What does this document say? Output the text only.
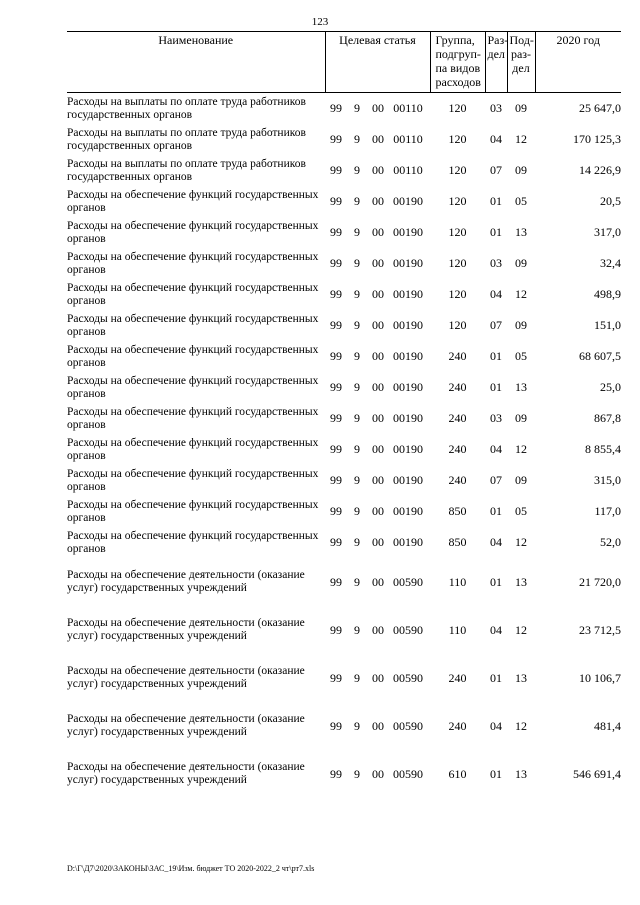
123
Наименование	Целевая статья	Группа, подгруп-па видов расходов	Раз-дел	Под-раз-дел	2020 год
Расходы на выплаты по оплате труда работников государственных органов	99 9 00 00110	120	03	09	25 647,0
Расходы на выплаты по оплате труда работников государственных органов	99 9 00 00110	120	04	12	170 125,3
Расходы на выплаты по оплате труда работников государственных органов	99 9 00 00110	120	07	09	14 226,9
Расходы на обеспечение функций государственных органов	99 9 00 00190	120	01	05	20,5
Расходы на обеспечение функций государственных органов	99 9 00 00190	120	01	13	317,0
Расходы на обеспечение функций государственных органов	99 9 00 00190	120	03	09	32,4
Расходы на обеспечение функций государственных органов	99 9 00 00190	120	04	12	498,9
Расходы на обеспечение функций государственных органов	99 9 00 00190	120	07	09	151,0
Расходы на обеспечение функций государственных органов	99 9 00 00190	240	01	05	68 607,5
Расходы на обеспечение функций государственных органов	99 9 00 00190	240	01	13	25,0
Расходы на обеспечение функций государственных органов	99 9 00 00190	240	03	09	867,8
Расходы на обеспечение функций государственных органов	99 9 00 00190	240	04	12	8 855,4
Расходы на обеспечение функций государственных органов	99 9 00 00190	240	07	09	315,0
Расходы на обеспечение функций государственных органов	99 9 00 00190	850	01	05	117,0
Расходы на обеспечение функций государственных органов	99 9 00 00190	850	04	12	52,0
Расходы на обеспечение деятельности (оказание услуг) государственных учреждений	99 9 00 00590	110	01	13	21 720,0
Расходы на обеспечение деятельности (оказание услуг) государственных учреждений	99 9 00 00590	110	04	12	23 712,5
Расходы на обеспечение деятельности (оказание услуг) государственных учреждений	99 9 00 00590	240	01	13	10 106,7
Расходы на обеспечение деятельности (оказание услуг) государственных учреждений	99 9 00 00590	240	04	12	481,4
Расходы на обеспечение деятельности (оказание услуг) государственных учреждений	99 9 00 00590	610	01	13	546 691,4
D:\Г\Д7\2020\ЗАКОНЫ\ЗАС_19\Изм. бюджет ТО 2020-2022_2 чт\рт7.xls
